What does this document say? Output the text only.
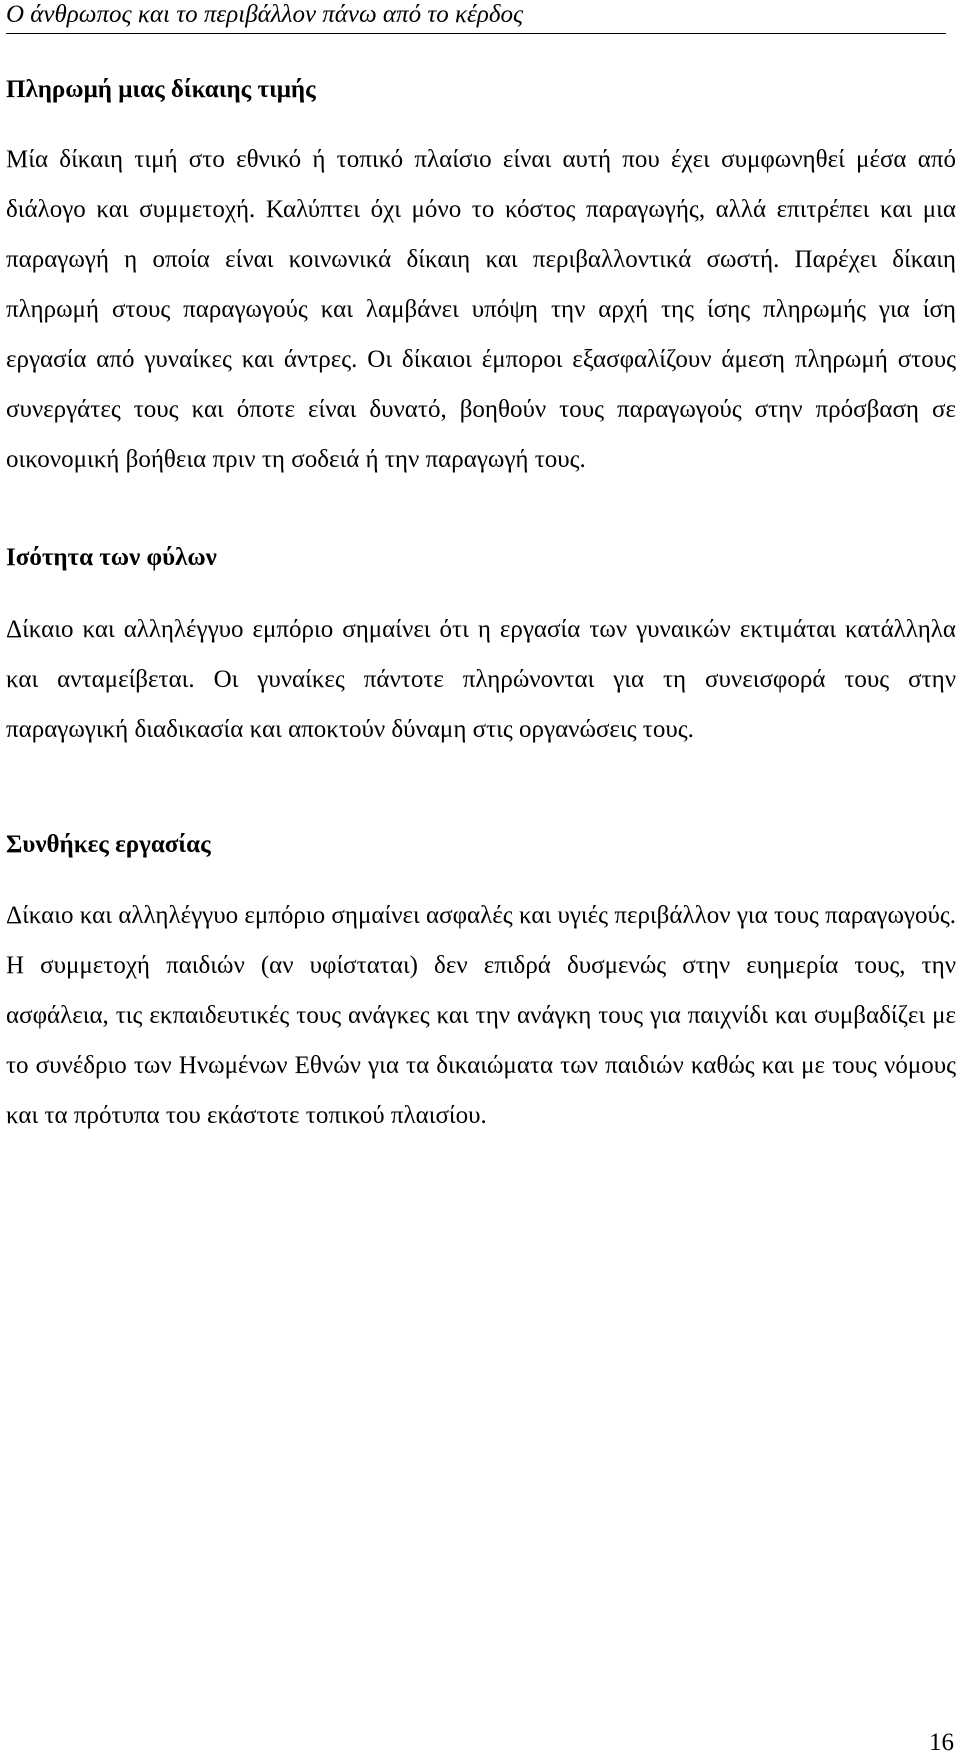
Ο άνθρωπος και το περιβάλλον πάνω από το κέρδος
Πληρωμή μιας δίκαιης τιμής

Μία δίκαιη τιμή στο εθνικό ή τοπικό πλαίσιο είναι αυτή που έχει συμφωνηθεί μέσα από διάλογο και συμμετοχή. Καλύπτει όχι μόνο το κόστος παραγωγής, αλλά επιτρέπει και μια παραγωγή η οποία είναι κοινωνικά δίκαιη και περιβαλλοντικά σωστή. Παρέχει δίκαιη πληρωμή στους παραγωγούς και λαμβάνει υπόψη την αρχή της ίσης πληρωμής για ίση εργασία από γυναίκες και άντρες. Οι δίκαιοι έμποροι εξασφαλίζουν άμεση πληρωμή στους συνεργάτες τους και όποτε είναι δυνατό, βοηθούν τους παραγωγούς στην πρόσβαση σε οικονομική βοήθεια πριν τη σοδειά ή την παραγωγή τους.

Ισότητα των φύλων

Δίκαιο και αλληλέγγυο εμπόριο σημαίνει ότι η εργασία των γυναικών εκτιμάται κατάλληλα και ανταμείβεται. Οι γυναίκες πάντοτε πληρώνονται για τη συνεισφορά τους στην παραγωγική διαδικασία και αποκτούν δύναμη στις οργανώσεις τους.

Συνθήκες εργασίας

Δίκαιο και αλληλέγγυο εμπόριο σημαίνει ασφαλές και υγιές περιβάλλον για τους παραγωγούς. Η συμμετοχή παιδιών (αν υφίσταται) δεν επιδρά δυσμενώς στην ευημερία τους, την ασφάλεια, τις εκπαιδευτικές τους ανάγκες και την ανάγκη τους για παιχνίδι και συμβαδίζει με το συνέδριο των Ηνωμένων Εθνών για τα δικαιώματα των παιδιών καθώς και με τους νόμους και τα πρότυπα του εκάστοτε τοπικού πλαισίου.

16
